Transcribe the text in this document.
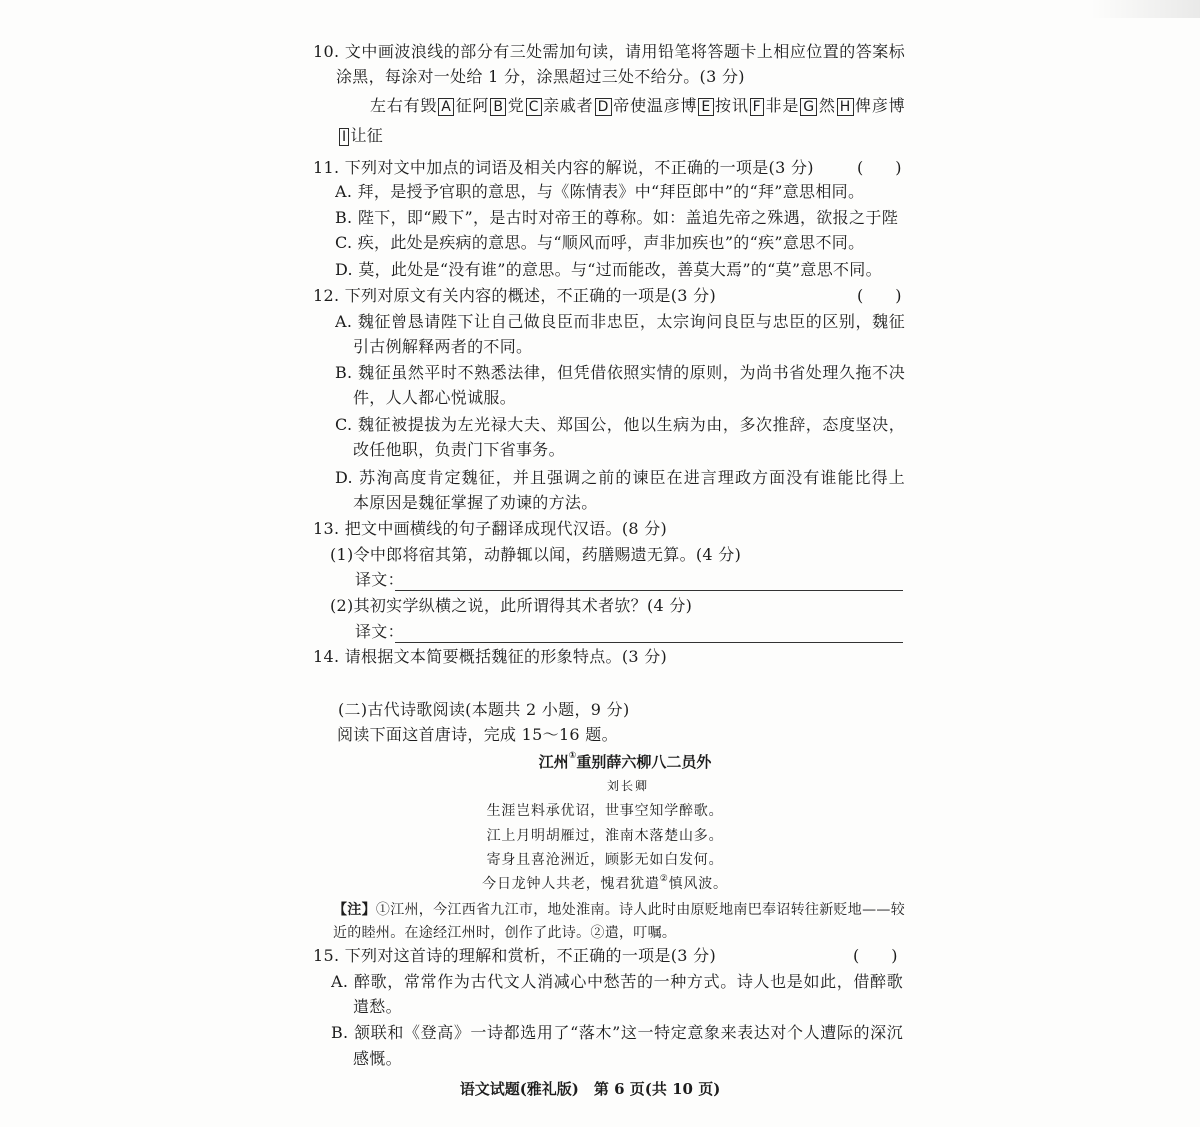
10. 文中画波浪线的部分有三处需加句读，请用铅笔将答题卡上相应位置的答案标
涂黑，每涂对一处给 1 分，涂黑超过三处不给分。(3 分)
左右有毁 A 征阿 B 党 C 亲戚者 D 帝使温彦博 E 按讯 F 非是 G 然 H 俾彦博
I 让征
11. 下列对文中加点的词语及相关内容的解说，不正确的一项是(3 分)	(　　)
A. 拜，是授予官职的意思，与《陈情表》中“拜臣郎中”的“拜”意思相同。
B. 陛下，即“殿下”，是古时对帝王的尊称。如：盖追先帝之殊遇，欲报之于陛
C. 疾，此处是疾病的意思。与“顺风而呼，声非加疾也”的“疾”意思不同。
D. 莫，此处是“没有谁”的意思。与“过而能改，善莫大焉”的“莫”意思不同。
12. 下列对原文有关内容的概述，不正确的一项是(3 分)	(　　)
A. 魏征曾恳请陛下让自己做良臣而非忠臣，太宗询问良臣与忠臣的区别，魏征
引古例解释两者的不同。
B. 魏征虽然平时不熟悉法律，但凭借依照实情的原则，为尚书省处理久拖不决
件，人人都心悦诚服。
C. 魏征被提拔为左光禄大夫、郑国公，他以生病为由，多次推辞，态度坚决，
改任他职，负责门下省事务。
D. 苏洵高度肯定魏征，并且强调之前的谏臣在进言理政方面没有谁能比得上
本原因是魏征掌握了劝谏的方法。
13. 把文中画横线的句子翻译成现代汉语。(8 分)
(1)令中郎将宿其第，动静辄以闻，药膳赐遗无算。(4 分)
译文：
(2)其初实学纵横之说，此所谓得其术者欤？(4 分)
译文：
14. 请根据文本简要概括魏征的形象特点。(3 分)
(二)古代诗歌阅读(本题共 2 小题，9 分)
阅读下面这首唐诗，完成 15～16 题。
江州①重别薛六柳八二员外
刘长卿
生涯岂料承优诏，世事空知学醉歌。
江上月明胡雁过，淮南木落楚山多。
寄身且喜沧洲近，顾影无如白发何。
今日龙钟人共老，愧君犹遣②慎风波。
【注】①江州，今江西省九江市，地处淮南。诗人此时由原贬地南巴奉诏转往新贬地——较
近的睦州。在途经江州时，创作了此诗。②遣，叮嘱。
15. 下列对这首诗的理解和赏析，不正确的一项是(3 分)	(　　)
A. 醉歌，常常作为古代文人消减心中愁苦的一种方式。诗人也是如此，借醉歌
遣愁。
B. 颔联和《登高》一诗都选用了“落木”这一特定意象来表达对个人遭际的深沉
感慨。
语文试题(雅礼版)　第 6 页(共 10 页)
